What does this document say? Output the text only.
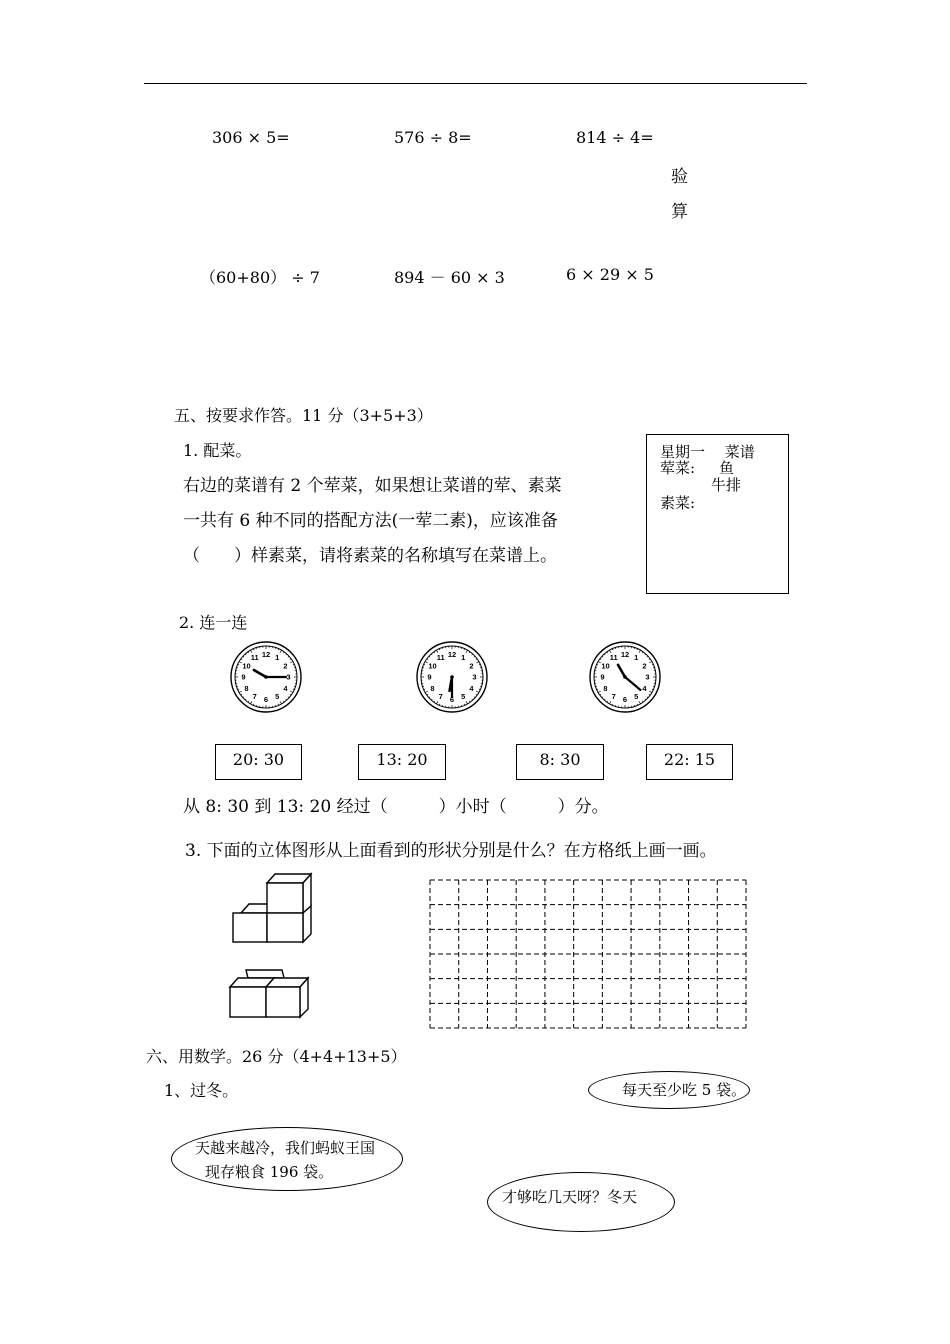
306 × 5=	576 ÷ 8=	814 ÷ 4=
验
算
（60+80） ÷ 7	894 － 60 × 3	6 × 29 × 5
五、按要求作答。11 分（3+5+3）
1. 配菜。
右边的菜谱有 2 个荤菜，如果想让菜谱的荤、素菜
一共有 6 种不同的搭配方法(一荤二素)，应该准备
（　　）样素菜，请将素菜的名称填写在菜谱上。
星期一　 菜谱
荤菜: 鱼
牛排
素菜:
2. 连一连
12 1
2
3
4
5
6
7
8
9
10
11	12 1
2
3
4
5
6
7
8
9
10
11	12 1
2
3
4
5
6
7
8
9
10
11
20: 30	13: 20	8: 30	22: 15
从 8: 30 到 13: 20 经过（　　　）小时（　　　）分。
3. 下面的立体图形从上面看到的形状分别是什么？在方格纸上画一画。
六、用数学。26 分（4+4+13+5）
1、过冬。	每天至少吃 5 袋。
天越来越冷，我们蚂蚁王国
现存粮食 196 袋。
才够吃几天呀？冬天
